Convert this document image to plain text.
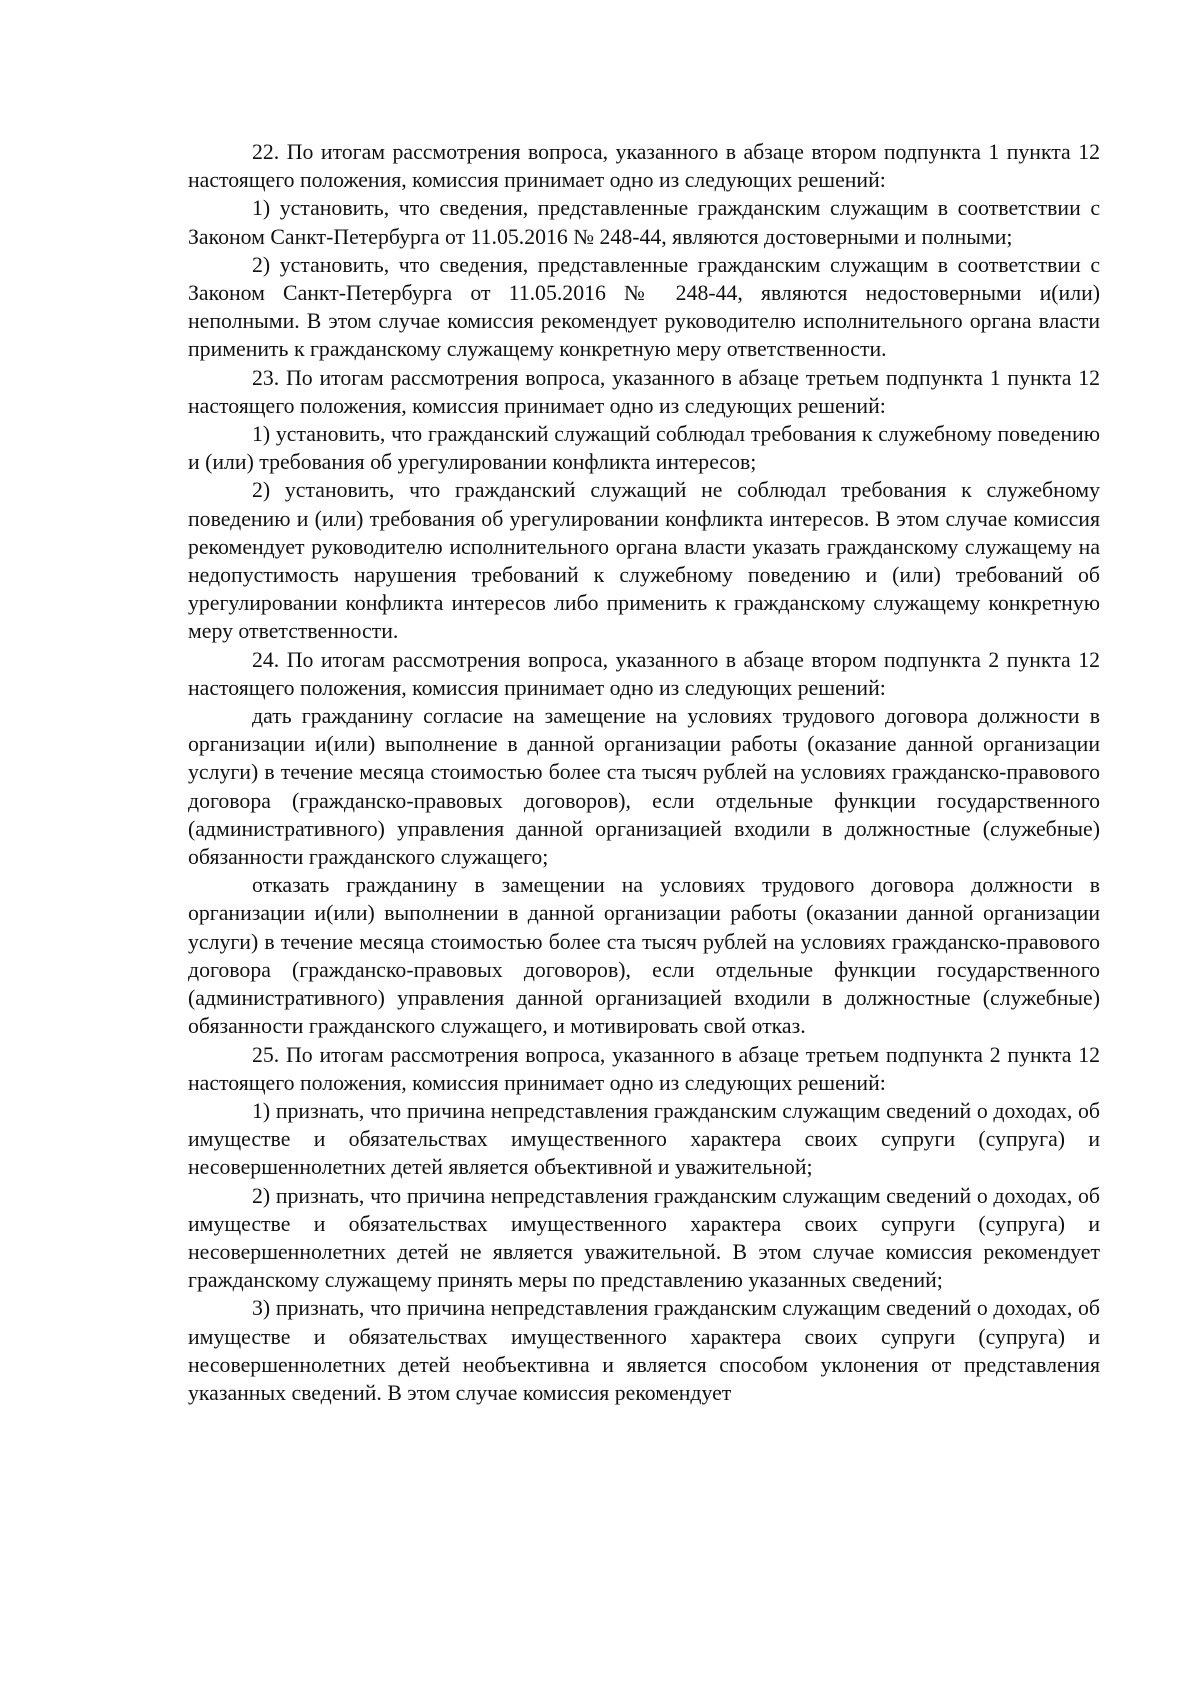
22. По итогам рассмотрения вопроса, указанного в абзаце втором подпункта 1 пункта 12 настоящего положения, комиссия принимает одно из следующих решений:

1) установить, что сведения, представленные гражданским служащим в соответствии с Законом Санкт-Петербурга от 11.05.2016 № 248-44, являются достоверными и полными;

2) установить, что сведения, представленные гражданским служащим в соответствии с Законом Санкт-Петербурга от 11.05.2016 № 248-44, являются недостоверными и(или) неполными. В этом случае комиссия рекомендует руководителю исполнительного органа власти применить к гражданскому служащему конкретную меру ответственности.

23. По итогам рассмотрения вопроса, указанного в абзаце третьем подпункта 1 пункта 12 настоящего положения, комиссия принимает одно из следующих решений:

1) установить, что гражданский служащий соблюдал требования к служебному поведению и (или) требования об урегулировании конфликта интересов;

2) установить, что гражданский служащий не соблюдал требования к служебному поведению и (или) требования об урегулировании конфликта интересов. В этом случае комиссия рекомендует руководителю исполнительного органа власти указать гражданскому служащему на недопустимость нарушения требований к служебному поведению и (или) требований об урегулировании конфликта интересов либо применить к гражданскому служащему конкретную меру ответственности.

24. По итогам рассмотрения вопроса, указанного в абзаце втором подпункта 2 пункта 12 настоящего положения, комиссия принимает одно из следующих решений:

дать гражданину согласие на замещение на условиях трудового договора должности в организации и(или) выполнение в данной организации работы (оказание данной организации услуги) в течение месяца стоимостью более ста тысяч рублей на условиях гражданско-правового договора (гражданско-правовых договоров), если отдельные функции государственного (административного) управления данной организацией входили в должностные (служебные) обязанности гражданского служащего;

отказать гражданину в замещении на условиях трудового договора должности в организации и(или) выполнении в данной организации работы (оказании данной организации услуги) в течение месяца стоимостью более ста тысяч рублей на условиях гражданско-правового договора (гражданско-правовых договоров), если отдельные функции государственного (административного) управления данной организацией входили в должностные (служебные) обязанности гражданского служащего, и мотивировать свой отказ.

25. По итогам рассмотрения вопроса, указанного в абзаце третьем подпункта 2 пункта 12 настоящего положения, комиссия принимает одно из следующих решений:

1) признать, что причина непредставления гражданским служащим сведений о доходах, об имуществе и обязательствах имущественного характера своих супруги (супруга) и несовершеннолетних детей является объективной и уважительной;

2) признать, что причина непредставления гражданским служащим сведений о доходах, об имуществе и обязательствах имущественного характера своих супруги (супруга) и несовершеннолетних детей не является уважительной. В этом случае комиссия рекомендует гражданскому служащему принять меры по представлению указанных сведений;

3) признать, что причина непредставления гражданским служащим сведений о доходах, об имуществе и обязательствах имущественного характера своих супруги (супруга) и несовершеннолетних детей необъективна и является способом уклонения от представления указанных сведений. В этом случае комиссия рекомендует
